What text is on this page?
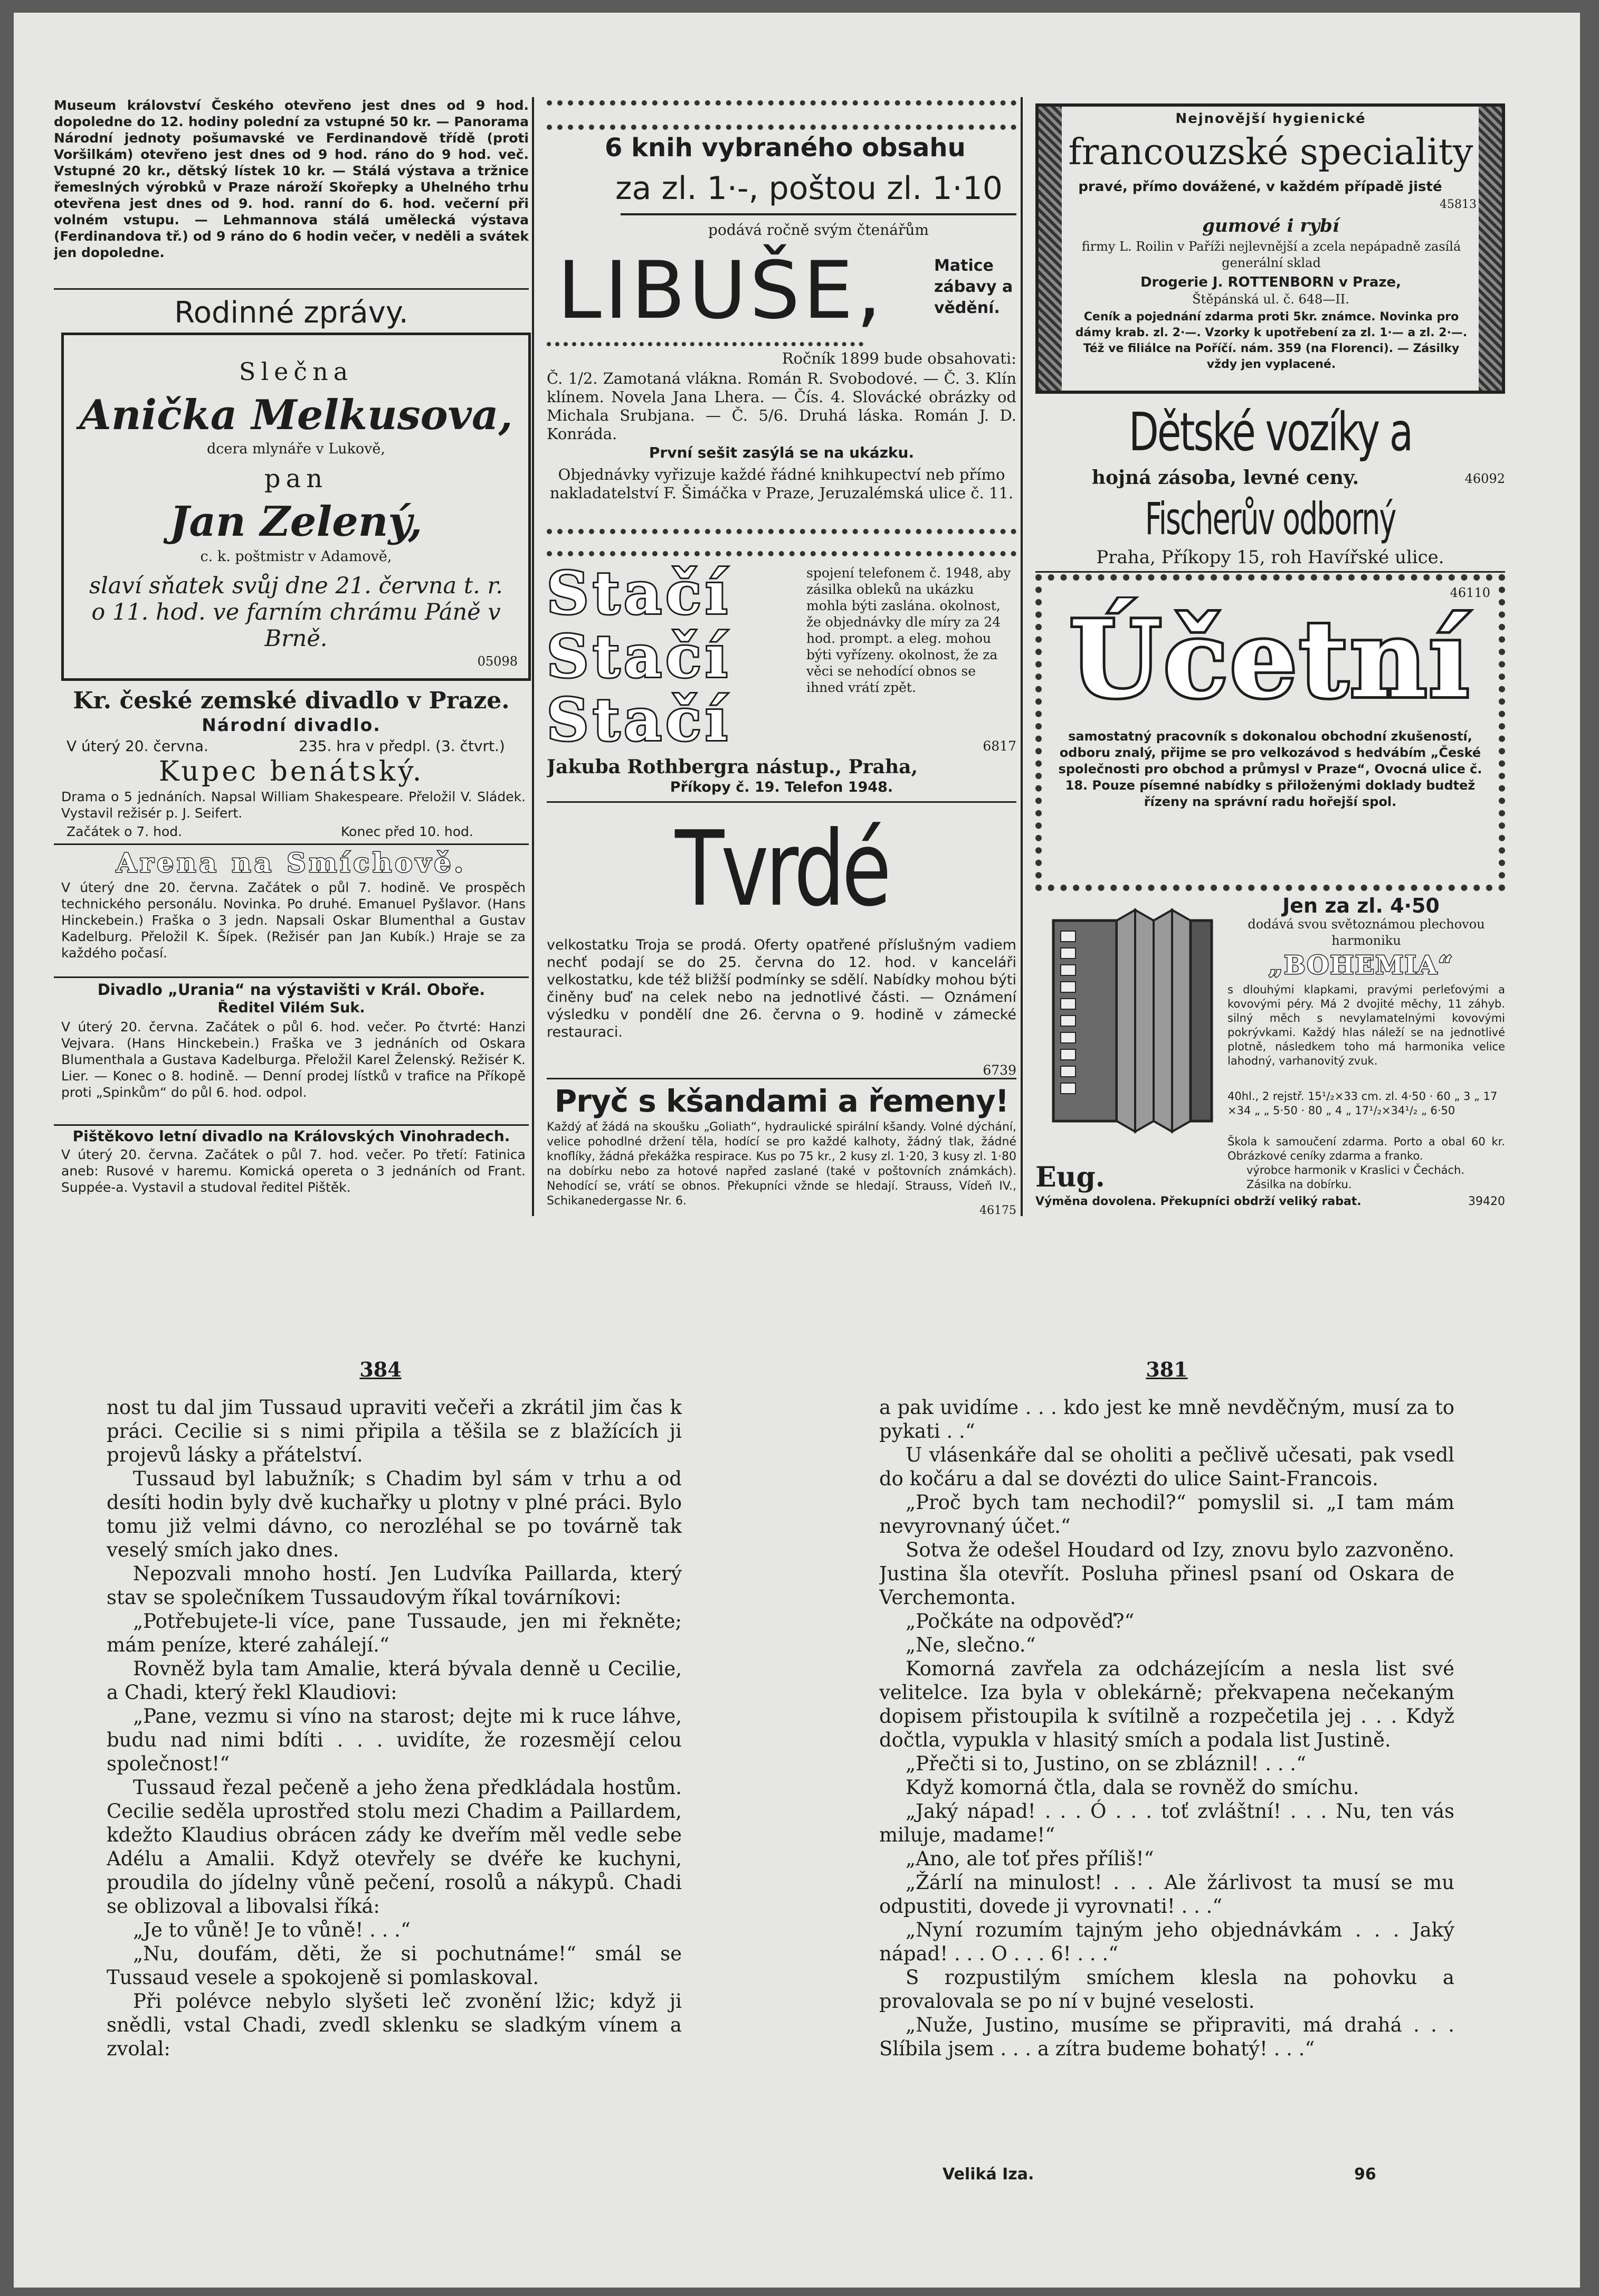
Museum království Českého otevřeno jest dnes od 9 hod. dopoledne do 12. hodiny polední za vstupné 50 kr. — Panorama Národní jednoty pošumavské ve Ferdinandově třídě (proti Voršilkám) otevřeno jest dnes od 9 hod. ráno do 9 hod. več. Vstupné 20 kr., dětský lístek 10 kr. — Stálá výstava a tržnice řemeslných výrobků v Praze nároží Skořepky a Uhelného trhu otevřena jest dnes od 9. hod. ranní do 6. hod. večerní při volném vstupu. — Lehmannova stálá umělecká výstava (Ferdinandova tř.) od 9 ráno do 6 hodin večer, v neděli a svátek jen dopoledne.
Rodinné zprávy.
Slečna
Anička Melkusova,
dcera mlynáře v Lukově,
pan
Jan Zelený,
c. k. poštmistr v Adamově,
slaví sňatek svůj dne 21. června t. r. o 11. hod. ve farním chrámu Páně v Brně.
05098
Kr. české zemské divadlo v Praze.
Národní divadlo.
V úterý 20. června.	235. hra v předpl. (3. čtvrt.)
Kupec benátský.
Drama o 5 jednáních. Napsal William Shakespeare. Přeložil V. Sládek. Vystavil režisér p. J. Seifert.
Začátek o 7. hod.	Konec před 10. hod.
Arena na Smíchově.
V úterý dne 20. června. Začátek o půl 7. hodině. Ve prospěch technického personálu. Novinka. Po druhé. Emanuel Pyšlavor. (Hans Hinckebein.) Fraška o 3 jedn. Napsali Oskar Blumenthal a Gustav Kadelburg. Přeložil K. Šípek. (Režisér pan Jan Kubík.) Hraje se za každého počasí.
Divadlo „Urania“ na výstavišti v Král. Oboře.
Ředitel Vilém Suk.
V úterý 20. června. Začátek o půl 6. hod. večer. Po čtvrté: Hanzi Vejvara. (Hans Hinckebein.) Fraška ve 3 jednáních od Oskara Blumenthala a Gustava Kadelburga. Přeložil Karel Želenský. Režisér K. Lier. — Konec o 8. hodině. — Denní prodej lístků v trafice na Příkopě proti „Spinkům“ do půl 6. hod. odpol.
Pištěkovo letní divadlo na Královských Vinohradech.
V úterý 20. června. Začátek o půl 7. hod. večer. Po třetí: Fatinica aneb: Rusové v haremu. Komická opereta o 3 jednáních od Frant. Suppée-a. Vystavil a studoval ředitel Pištěk.
6 knih vybraného obsahu
za zl. 1·-, poštou zl. 1·10
podává ročně svým čtenářům
LIBUŠE,	Matice zábavy a vědění.
Ročník 1899 bude obsahovati:
Č. 1/2. Zamotaná vlákna. Román R. Svobodové. — Č. 3. Klín klínem. Novela Jana Lhera. — Čís. 4. Slovácké obrázky od Michala Srubjana. — Č. 5/6. Druhá láska. Román J. D. Konráda.
První sešit zasýlá se na ukázku.
Objednávky vyřizuje každé řádné knihkupectví neb přímo nakladatelství F. Šimáčka v Praze, Jeruzalémská ulice č. 11.
Stačí
Stačí
Stačí
spojení telefonem č. 1948, aby zásilka obleků na ukázku mohla býti zaslána. okolnost, že objednávky dle míry za 24 hod. prompt. a eleg. mohou býti vyřízeny. okolnost, že za věci se nehodící obnos se ihned vrátí zpět.
6817
Jakuba Rothbergra nástup., Praha,
Příkopy č. 19. Telefon 1948.
Tvrdé
velkostatku Troja se prodá. Oferty opatřené příslušným vadiem nechť podají se do 25. června do 12. hod. v kanceláři velkostatku, kde též bližší podmínky se sdělí. Nabídky mohou býti činěny buď na celek nebo na jednotlivé části. — Oznámení výsledku v pondělí dne 26. června o 9. hodině v zámecké restauraci.
6739
Pryč s kšandami a řemeny!
Každý ať žádá na skoušku „Goliath“, hydraulické spirální kšandy. Volné dýchání, velice pohodlné držení těla, hodící se pro každé kalhoty, žádný tlak, žádné knoflíky, žádná překážka respirace. Kus po 75 kr., 2 kusy zl. 1·20, 3 kusy zl. 1·80 na dobírku nebo za hotové napřed zaslané (také v poštovních známkách). Nehodící se, vrátí se obnos. Překupníci vžnde se hledají. Strauss, Vídeň IV., Schikanedergasse Nr. 6.
46175
Nejnovější hygienické
francouzské speciality
pravé, přímo dovážené, v každém případě jisté
45813
gumové i rybí
firmy L. Roilin v Paříži nejlevnější a zcela nepápadně zasílá generální sklad
Drogerie J. ROTTENBORN v Praze,
Štěpánská ul. č. 648—II.
Ceník a pojednání zdarma proti 5kr. známce. Novinka pro dámy krab. zl. 2·—. Vzorky k upotřebení za zl. 1·— a zl. 2·—. Též ve filiálce na Poříčí. nám. 359 (na Florenci). — Zásilky vždy jen vyplacené.
Dětské vozíky a
hojná zásoba, levné ceny.	46092
Fischerův odborný
Praha, Příkopy 15, roh Havířské ulice.
46110
Účetní
samostatný pracovník s dokonalou obchodní zkušeností, odboru znalý, přijme se pro velkozávod s hedvábím „České společnosti pro obchod a průmysl v Praze“, Ovocná ulice č. 18. Pouze písemné nabídky s přiloženými doklady budtež řízeny na správní radu hořejší spol.
Jen za zl. 4·50
dodává svou světoznámou plechovou harmoniku
„BOHEMIA“
s dlouhými klapkami, pravými perleťovými a kovovými péry. Má 2 dvojité měchy, 11 záhyb. silný měch s nevylamatelnými kovovými pokrývkami. Každý hlas náleží se na jednotlivé plotně, následkem toho má harmonika velice lahodný, varhanovitý zvuk.
40hl., 2 rejstř. 15¹/₂×33 cm. zl. 4·50 · 60 „ 3 „ 17 ×34 „ „ 5·50 · 80 „ 4 „ 17¹/₂×34¹/₂ „ 6·50
Škola k samoučení zdarma. Porto a obal 60 kr. Obrázkové ceníky zdarma a franko.
Eug.	výrobce harmonik v Kraslici v Čechách. Zásilka na dobírku.
Výměna dovolena. Překupníci obdrží veliký rabat.	39420
384	381

nost tu dal jim Tussaud upraviti večeři a zkrátil jim čas k práci. Cecilie si s nimi připila a těšila se z blažících ji projevů lásky a přátelství.

Tussaud byl labužník; s Chadim byl sám v trhu a od desíti hodin byly dvě kuchařky u plotny v plné práci. Bylo tomu již velmi dávno, co nerozléhal se po továrně tak veselý smích jako dnes.

Nepozvali mnoho hostí. Jen Ludvíka Paillarda, který stav se společníkem Tussaudovým říkal továrníkovi:

„Potřebujete-li více, pane Tussaude, jen mi řekněte; mám peníze, které zahálejí.“

Rovněž byla tam Amalie, která bývala denně u Cecilie, a Chadi, který řekl Klaudiovi:

„Pane, vezmu si víno na starost; dejte mi k ruce láhve, budu nad nimi bdíti . . . uvidíte, že rozesmějí celou společnost!“

Tussaud řezal pečeně a jeho žena předkládala hostům. Cecilie seděla uprostřed stolu mezi Chadim a Paillardem, kdežto Klaudius obrácen zády ke dveřím měl vedle sebe Adélu a Amalii. Když otevřely se dvéře ke kuchyni, proudila do jídelny vůně pečení, rosolů a nákypů. Chadi se oblizoval a libovalsi říká:

„Je to vůně! Je to vůně! . . .“

„Nu, doufám, děti, že si pochutnáme!“ smál se Tussaud vesele a spokojeně si pomlaskoval.

Při polévce nebylo slyšeti leč zvonění lžic; když ji snědli, vstal Chadi, zvedl sklenku se sladkým vínem a zvolal:

a pak uvidíme . . . kdo jest ke mně nevděčným, musí za to pykati . .“

U vlásenkáře dal se oholiti a pečlivě učesati, pak vsedl do kočáru a dal se dovézti do ulice Saint-Francois.

„Proč bych tam nechodil?“ pomyslil si. „I tam mám nevyrovnaný účet.“

Sotva že odešel Houdard od Izy, znovu bylo zazvoněno. Justina šla otevřít. Posluha přinesl psaní od Oskara de Verchemonta.

„Počkáte na odpověď?“

„Ne, slečno.“

Komorná zavřela za odcházejícím a nesla list své velitelce. Iza byla v oblekárně; překvapena nečekaným dopisem přistoupila k svítilně a rozpečetila jej . . . Když dočtla, vypukla v hlasitý smích a podala list Justině.

„Přečti si to, Justino, on se zbláznil! . . .“

Když komorná čtla, dala se rovněž do smíchu.

„Jaký nápad! . . . Ó . . . toť zvláštní! . . . Nu, ten vás miluje, madame!“

„Ano, ale toť přes příliš!“

„Žárlí na minulost! . . . Ale žárlivost ta musí se mu odpustiti, dovede ji vyrovnati! . . .“

„Nyní rozumím tajným jeho objednávkám . . . Jaký nápad! . . . O . . . 6! . . .“

S rozpustilým smíchem klesla na pohovku a provalovala se po ní v bujné veselosti.

„Nuže, Justino, musíme se připraviti, má drahá . . . Slíbila jsem . . . a zítra budeme bohatý! . . .“

Veliká Iza.	96
